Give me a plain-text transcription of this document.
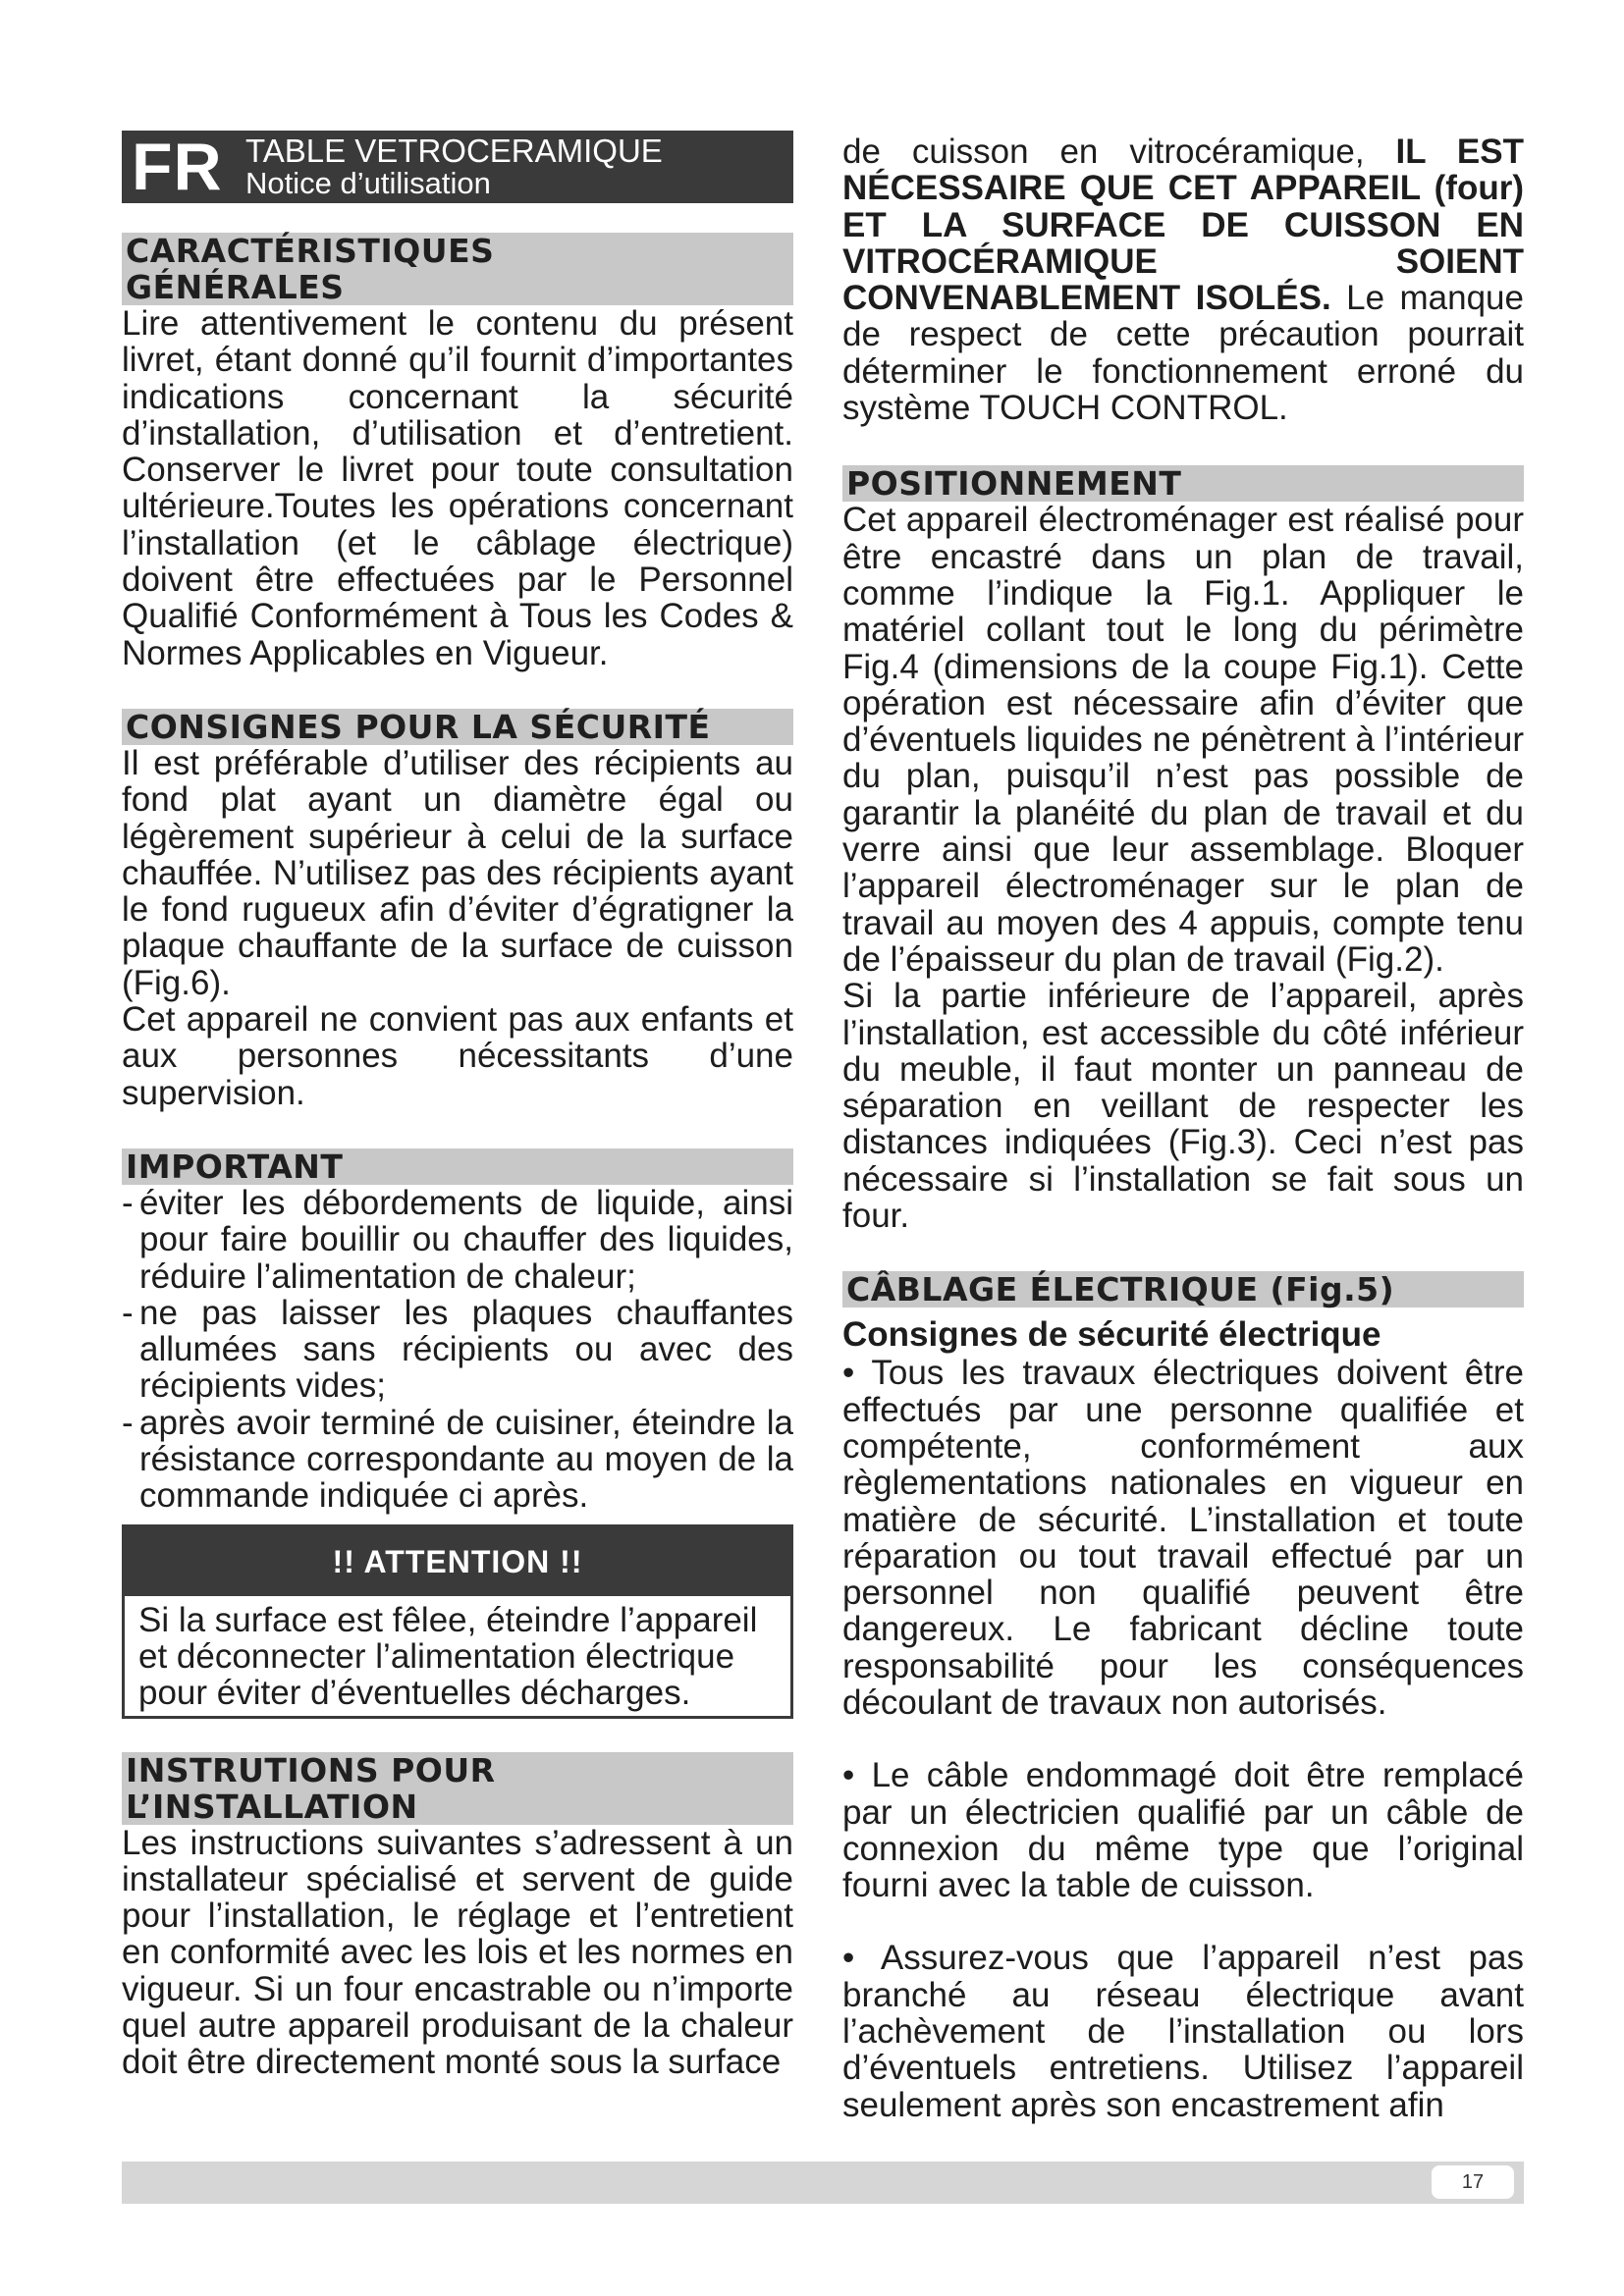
FR TABLE VETROCERAMIQUE
Notice d’utilisation
CARACTÉRISTIQUES
GÉNÉRALES

Lire attentivement le contenu du présent livret, étant donné qu’il fournit d’importantes indications concernant la sécurité d’installation, d’utilisation et d’entretient. Conserver le livret pour toute consultation ultérieure.Toutes les opérations concernant l’installation (et le câblage électrique) doivent être effectuées par le Personnel Qualifié Conformément à Tous les Codes & Normes Applicables en Vigueur.

CONSIGNES POUR LA SÉCURITÉ

Il est préférable d’utiliser des récipients au fond plat ayant un diamètre égal ou légèrement supérieur à celui de la surface chauffée. N’utilisez pas des récipients ayant le fond rugueux afin d’éviter d’égratigner la plaque chauffante de la surface de cuisson (Fig.6).

Cet appareil ne convient pas aux enfants et aux personnes nécessitants d’une supervision.

IMPORTANT
- éviter les débordements de liquide, ainsi pour faire bouillir ou chauffer des liquides, réduire l’alimentation de chaleur;
- ne pas laisser les plaques chauffantes allumées sans récipients ou avec des récipients vides;
- après avoir terminé de cuisiner, éteindre la résistance correspondante au moyen de la commande indiquée ci après.
!! ATTENTION !!
Si la surface est fêlee, éteindre l’appareil et déconnecter l’alimentation électrique pour éviter d’éventuelles décharges.
INSTRUTIONS POUR
L’INSTALLATION

Les instructions suivantes s’adressent à un installateur spécialisé et servent de guide pour l’installation, le réglage et l’entretient en conformité avec les lois et les normes en vigueur. Si un four encastrable ou n’importe quel autre appareil produisant de la chaleur doit être directement monté sous la surface

de cuisson en vitrocéramique, IL EST NÉCESSAIRE QUE CET APPAREIL (four) ET LA SURFACE DE CUISSON EN VITROCÉRAMIQUE SOIENT CONVENABLEMENT ISOLÉS. Le manque de respect de cette précaution pourrait déterminer le fonctionnement erroné du système TOUCH CONTROL.

POSITIONNEMENT

Cet appareil électroménager est réalisé pour être encastré dans un plan de travail, comme l’indique la Fig.1. Appliquer le matériel collant tout le long du périmètre Fig.4 (dimensions de la coupe Fig.1). Cette opération est nécessaire afin d’éviter que d’éventuels liquides ne pénètrent à l’intérieur du plan, puisqu’il n’est pas possible de garantir la planéité du plan de travail et du verre ainsi que leur assemblage. Bloquer l’appareil électroménager sur le plan de travail au moyen des 4 appuis, compte tenu de l’épaisseur du plan de travail (Fig.2).

Si la partie inférieure de l’appareil, après l’installation, est accessible du côté inférieur du meuble, il faut monter un panneau de séparation en veillant de respecter les distances indiquées (Fig.3). Ceci n’est pas nécessaire si l’installation se fait sous un four.

CÂBLAGE ÉLECTRIQUE (Fig.5)

Consignes de sécurité électrique

• Tous les travaux électriques doivent être effectués par une personne qualifiée et compétente, conformément aux règlementations nationales en vigueur en matière de sécurité. L’installation et toute réparation ou tout travail effectué par un personnel non qualifié peuvent être dangereux. Le fabricant décline toute responsabilité pour les conséquences découlant de travaux non autorisés.

• Le câble endommagé doit être remplacé par un électricien qualifié par un câble de connexion du même type que l’original fourni avec la table de cuisson.

• Assurez-vous que l’appareil n’est pas branché au réseau électrique avant l’achèvement de l’installation ou lors d’éventuels entretiens. Utilisez l’appareil seulement après son encastrement afin

17
